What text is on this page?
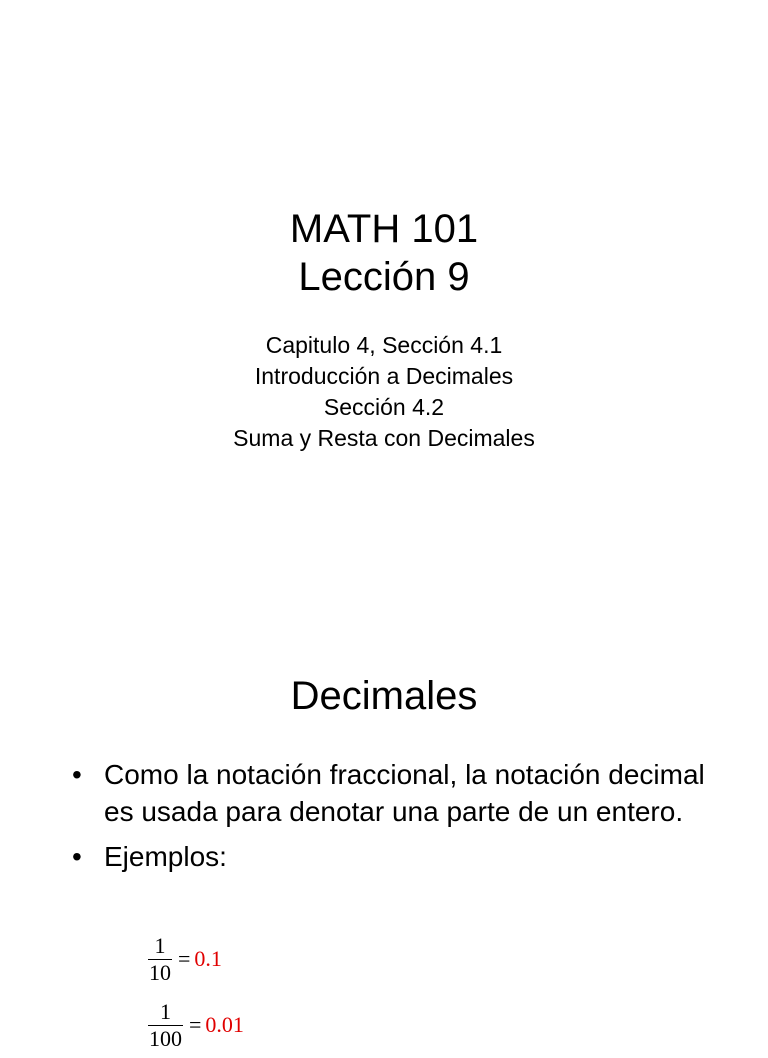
MATH 101
Lección 9
Capitulo 4, Sección 4.1
Introducción a Decimales
Sección 4.2
Suma y Resta con Decimales
Decimales
• Como la notación fraccional, la notación decimal es usada para denotar una parte de un entero.
• Ejemplos:
$\frac{1}{10} = 0.1$
$\frac{1}{100} = 0.01$
